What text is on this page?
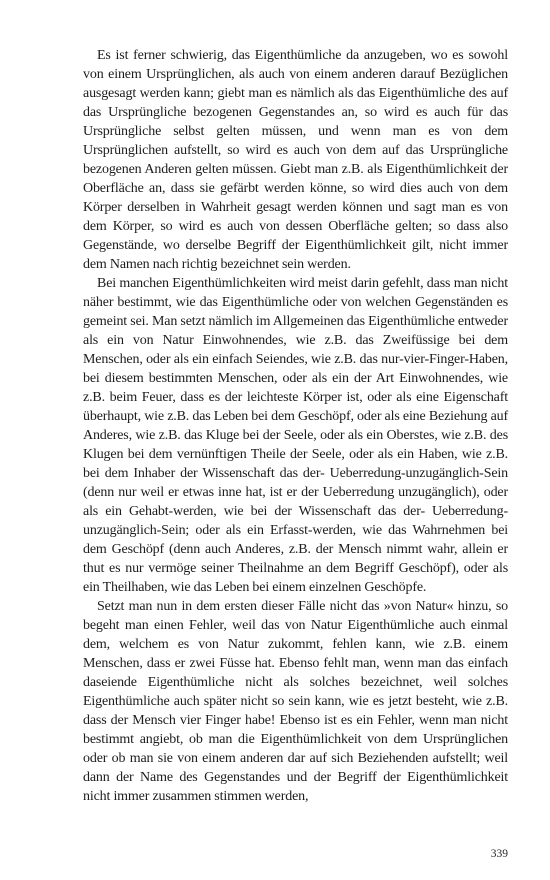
Es ist ferner schwierig, das Eigenthümliche da anzugeben, wo es sowohl von einem Ursprünglichen, als auch von einem anderen darauf Bezüglichen ausgesagt werden kann; giebt man es nämlich als das Eigenthümliche des auf das Ursprüngliche bezogenen Gegenstandes an, so wird es auch für das Ursprüngliche selbst gelten müssen, und wenn man es von dem Ursprünglichen aufstellt, so wird es auch von dem auf das Ursprüngliche bezogenen Anderen gelten müssen. Giebt man z.B. als Eigenthümlichkeit der Oberfläche an, dass sie gefärbt werden könne, so wird dies auch von dem Körper derselben in Wahrheit gesagt werden können und sagt man es von dem Körper, so wird es auch von dessen Oberfläche gelten; so dass also Gegenstände, wo derselbe Begriff der Eigenthümlichkeit gilt, nicht immer dem Namen nach richtig bezeichnet sein werden.

Bei manchen Eigenthümlichkeiten wird meist darin gefehlt, dass man nicht näher bestimmt, wie das Eigenthümliche oder von welchen Gegenständen es gemeint sei. Man setzt nämlich im Allgemeinen das Eigenthümliche entweder als ein von Natur Einwohnendes, wie z.B. das Zweifüssige bei dem Menschen, oder als ein einfach Seiendes, wie z.B. das nur-vier-Finger-Haben, bei diesem bestimmten Menschen, oder als ein der Art Einwohnendes, wie z.B. beim Feuer, dass es der leichteste Körper ist, oder als eine Eigenschaft überhaupt, wie z.B. das Leben bei dem Geschöpf, oder als eine Beziehung auf Anderes, wie z.B. das Kluge bei der Seele, oder als ein Oberstes, wie z.B. des Klugen bei dem vernünftigen Theile der Seele, oder als ein Haben, wie z.B. bei dem Inhaber der Wissenschaft das der- Ueberredung-unzugänglich-Sein (denn nur weil er etwas inne hat, ist er der Ueberredung unzugänglich), oder als ein Gehabt-werden, wie bei der Wissenschaft das der- Ueberredung-unzugänglich-Sein; oder als ein Erfasst-werden, wie das Wahrnehmen bei dem Geschöpf (denn auch Anderes, z.B. der Mensch nimmt wahr, allein er thut es nur vermöge seiner Theilnahme an dem Begriff Geschöpf), oder als ein Theilhaben, wie das Leben bei einem einzelnen Geschöpfe.

Setzt man nun in dem ersten dieser Fälle nicht das »von Natur« hinzu, so begeht man einen Fehler, weil das von Natur Eigenthümliche auch einmal dem, welchem es von Natur zukommt, fehlen kann, wie z.B. einem Menschen, dass er zwei Füsse hat. Ebenso fehlt man, wenn man das einfach daseiende Eigenthümliche nicht als solches bezeichnet, weil solches Eigenthümliche auch später nicht so sein kann, wie es jetzt besteht, wie z.B. dass der Mensch vier Finger habe! Ebenso ist es ein Fehler, wenn man nicht bestimmt angiebt, ob man die Eigenthümlichkeit von dem Ursprünglichen oder ob man sie von einem anderen dar auf sich Beziehenden aufstellt; weil dann der Name des Gegenstandes und der Begriff der Eigenthümlichkeit nicht immer zusammen stimmen werden,

339
